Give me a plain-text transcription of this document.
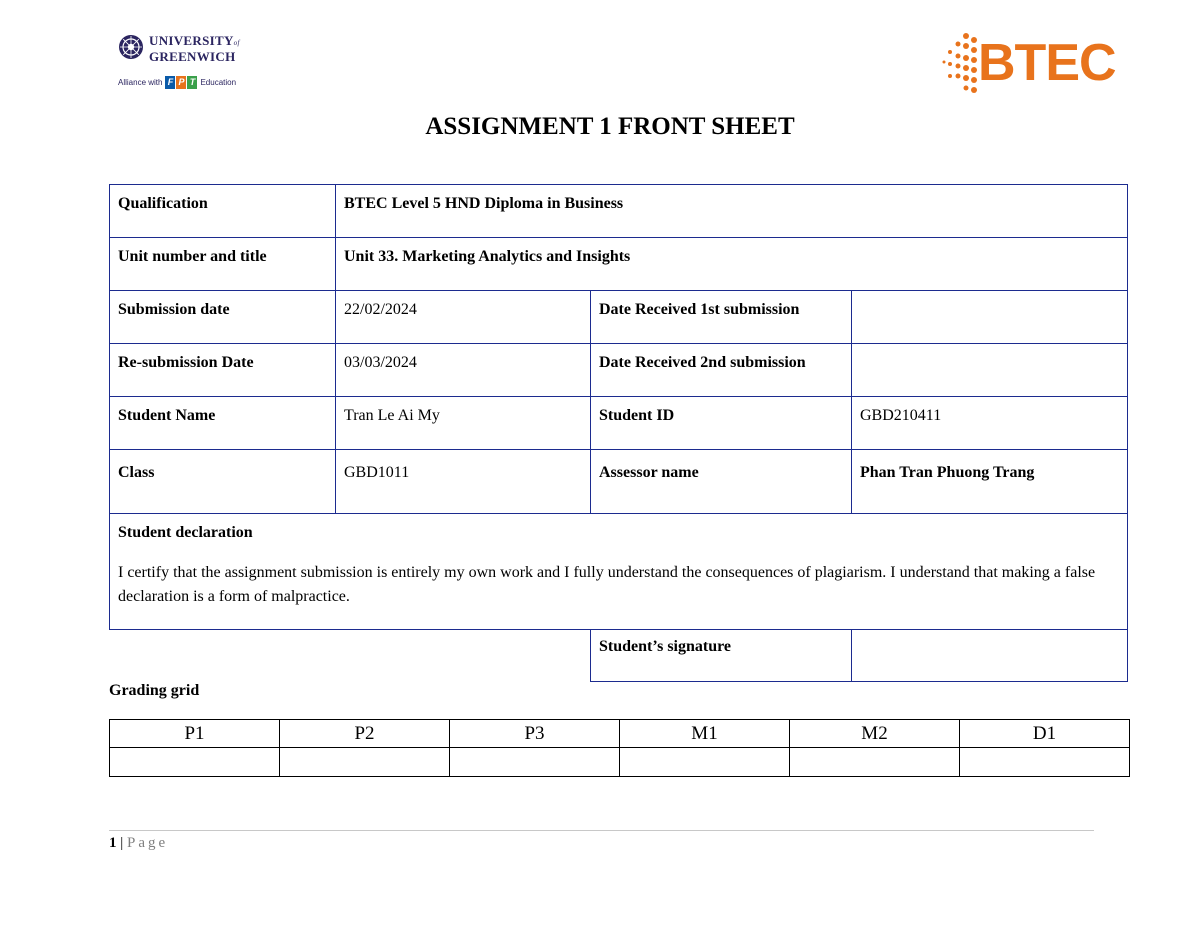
UNIVERSITYof
GREENWICH
Alliance with F P T Education	BTEC
ASSIGNMENT 1 FRONT SHEET
Qualification	BTEC Level 5 HND Diploma in Business		
Unit number and title	Unit 33. Marketing Analytics and Insights		
Submission date	22/02/2024	Date Received 1st submission	
Re-submission Date	03/03/2024	Date Received 2nd submission	
Student Name	Tran Le Ai My	Student ID	GBD210411
Class	GBD1011	Assessor name	Phan Tran Phuong Trang

Student declaration
I certify that the assignment submission is entirely my own work and I fully understand the consequences of plagiarism. I understand that making a false declaration is a form of malpractice.			

		Student’s signature	
Grading grid
P1	P2	P3	M1	M2	D1

1 | Page
